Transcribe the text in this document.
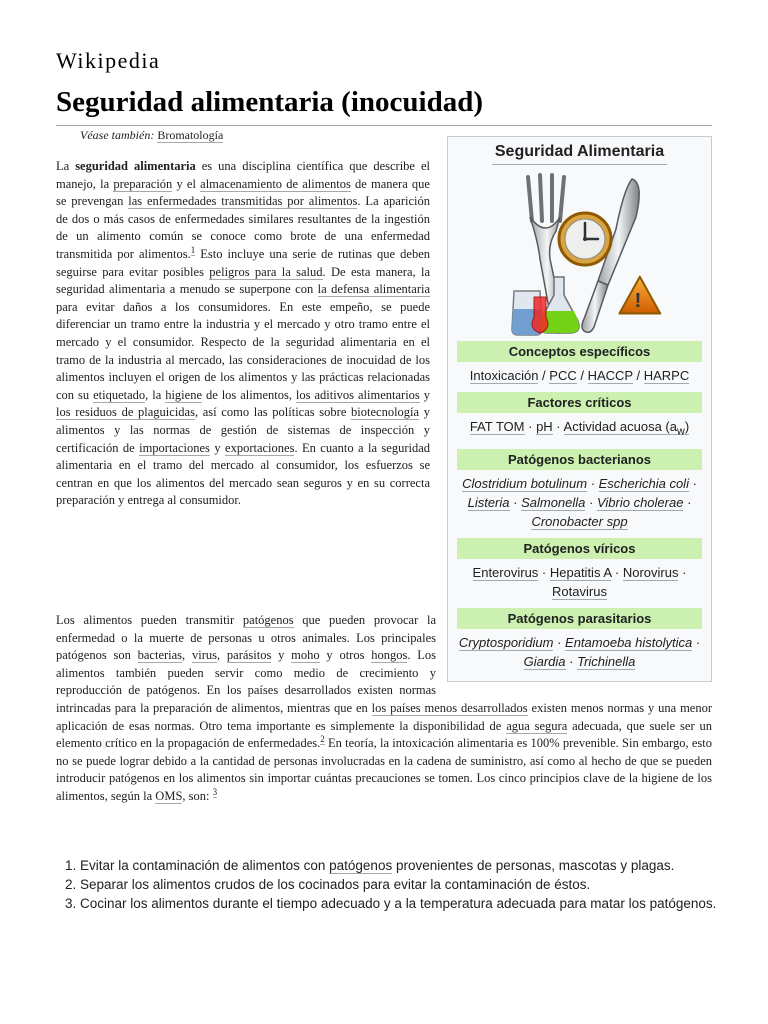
Wikipedia
Seguridad alimentaria (inocuidad)
Véase también: Bromatología

La seguridad alimentaria es una disciplina científica que describe el manejo, la preparación y el almacenamiento de alimentos de manera que se prevengan las enfermedades transmitidas por alimentos. La aparición de dos o más casos de enfermedades similares resultantes de la ingestión de un alimento común se conoce como brote de una enfermedad transmitida por alimentos.$^1$ Esto incluye una serie de rutinas que deben seguirse para evitar posibles peligros para la salud. De esta manera, la seguridad alimentaria a menudo se superpone con la defensa alimentaria para evitar daños a los consumidores. En este empeño, se puede diferenciar un tramo entre la industria y el mercado y otro tramo entre el mercado y el consumidor. Respecto de la seguridad alimentaria en el tramo de la industria al mercado, las consideraciones de inocuidad de los alimentos incluyen el origen de los alimentos y las prácticas relacionadas con su etiquetado, la higiene de los alimentos, los aditivos alimentarios y los residuos de plaguicidas, así como las políticas sobre biotecnología y alimentos y las normas de gestión de sistemas de inspección y certificación de importaciones y exportaciones. En cuanto a la seguridad alimentaria en el tramo del mercado al consumidor, los esfuerzos se centran en que los alimentos del mercado sean seguros y en su correcta preparación y entrega al consumidor.

Los alimentos pueden transmitir patógenos que pueden provocar la enfermedad o la muerte de personas u otros animales. Los principales patógenos son bacterias, virus, parásitos y moho y otros hongos. Los alimentos también pueden servir como medio de crecimiento y reproducción de patógenos. En los países desarrollados existen normas intrincadas para la preparación de alimentos, mientras que en los países menos desarrollados existen menos normas y una menor aplicación de esas normas. Otro tema importante es simplemente la disponibilidad de agua segura adecuada, que suele ser un elemento crítico en la propagación de enfermedades.$^2$ En teoría, la intoxicación alimentaria es 100% prevenible. Sin embargo, esto no se puede lograr debido a la cantidad de personas involucradas en la cadena de suministro, así como al hecho de que se pueden introducir patógenos en los alimentos sin importar cuántas precauciones se tomen. Los cinco principios clave de la higiene de los alimentos, según la OMS, son: $^3$

1. Evitar la contaminación de alimentos con patógenos provenientes de personas, mascotas y plagas.
2. Separar los alimentos crudos de los cocinados para evitar la contaminación de éstos.
3. Cocinar los alimentos durante el tiempo adecuado y a la temperatura adecuada para matar los patógenos.
Seguridad Alimentaria
!
Conceptos específicos
Intoxicación / PCC / HACCP / HARPC
Factores críticos
FAT TOM · pH · Actividad acuosa $(a_w)$
Patógenos bacterianos
Clostridium botulinum · Escherichia coli · Listeria · Salmonella · Vibrio cholerae · Cronobacter spp
Patógenos víricos
Enterovirus · Hepatitis A · Norovirus · Rotavirus
Patógenos parasitarios
Cryptosporidium · Entamoeba histolytica · Giardia · Trichinella
